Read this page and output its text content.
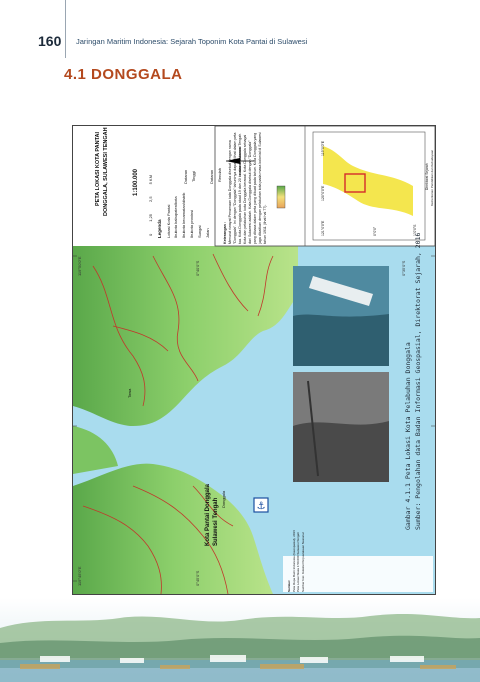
160 Jaringan Maritim Indonesia: Sejarah Toponim Kota Pantai di Sulawesi
4.1 DONGGALA
⚓
PETA LOKASI KOTA PANTAI DONGGALA, SULAWESI TENGAH	1:100.000
0
1,25
2,5
5 KM
Legenda Lokasi Kota Pantai Ibukota kabupaten/kota Ibukota kecamatan/distrik Ibukota provinsi Sungai Jalan
Dataran Tinggi	Dataran Rendah
Keterangan : Menurut riwayat Penamaan kata Donggala disebut dengan nama "Donggala". Ini dengan "Donggala" tahuninya dapat dilihat dalam peta tua. Kota Donggala pada abad 19 dan 20 ke atas di Sulawesi Tengah. Kota dan pelabuhan kota Donggala berawal. Kota Donggala sebagai dari Sulawesi adalah. Kata Donggala disebut dengan "Donggala" yang dibaca dalam peta yang dibuat pada tahun. Kota Donggala yang juga dikaitkan dengan pelabuhan kota pada masa kolonial di Sulawesi tahun 1911 (lihat hal 77).
119°0'0"E
120°0'0"E
121°0'0"E	0°0'0"	1°0'0"S
Direktorat Sejarah Kementerian Pendidikan dan Kebudayaan
119°50'0"E
119°45'0"E
0°40'0"S
0°45'0"S
0°35'0"S
Kota Pantai Donggala Sulawesi Tengah Donggala
Towa
Sumber: Peta Rupa Bumi Indonesia (Geospasial), 2016 Peta Lokasi Skala 1:50.000 Sulawesi Tengah Sumber foto: Koleksi Perpustakaan Nasional
Gambar 4.1.1 Peta Lokasi Kota Pelabuhan Donggala Sumber: Pengolahan data Badan Informasi Geospasial, Direktorat Sejarah, 2016
